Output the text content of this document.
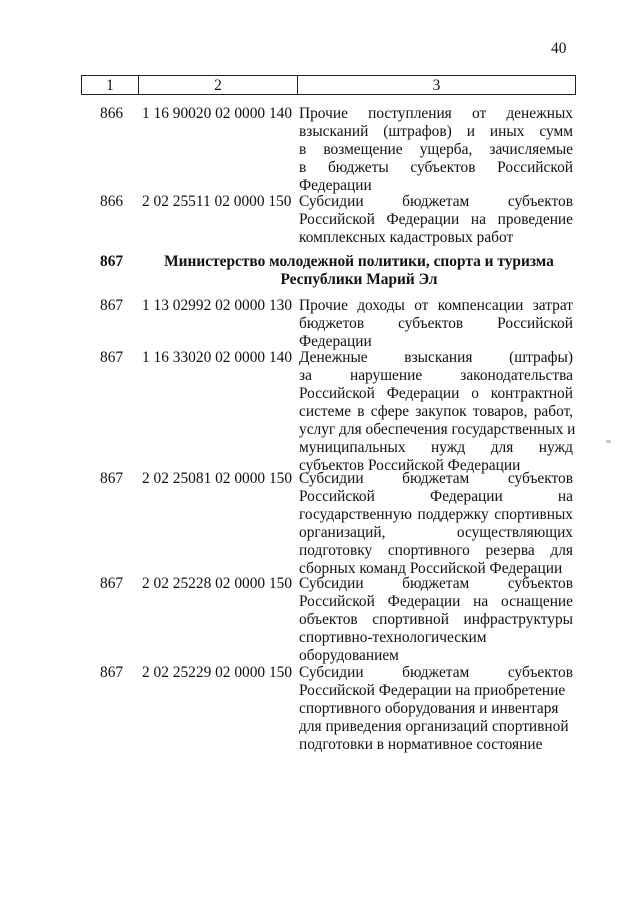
40
1	2	3
866	1 16 90020 02 0000 140 Прочие поступления от денежных
взысканий (штрафов) и иных сумм
в возмещение ущерба, зачисляемые
в бюджеты субъектов Российской
Федерации
866	2 02 25511 02 0000 150 Субсидии бюджетам субъектов
Российской Федерации на проведение
комплексных кадастровых работ
867	Министерство молодежной политики, спорта и туризма
Республики Марий Эл
867	1 13 02992 02 0000 130 Прочие доходы от компенсации затрат
бюджетов субъектов Российской
Федерации
867	1 16 33020 02 0000 140 Денежные взыскания (штрафы)
за нарушение законодательства
Российской Федерации о контрактной
системе в сфере закупок товаров, работ,
услуг для обеспечения государственных и
муниципальных нужд для нужд
субъектов Российской Федерации
867	2 02 25081 02 0000 150 Субсидии бюджетам субъектов
Российской Федерации на
государственную поддержку спортивных
организаций, осуществляющих
подготовку спортивного резерва для
сборных команд Российской Федерации
867	2 02 25228 02 0000 150 Субсидии бюджетам субъектов
Российской Федерации на оснащение
объектов спортивной инфраструктуры
спортивно-технологическим
оборудованием
867	2 02 25229 02 0000 150 Субсидии бюджетам субъектов
Российской Федерации на приобретение
спортивного оборудования и инвентаря
для приведения организаций спортивной
подготовки в нормативное состояние
